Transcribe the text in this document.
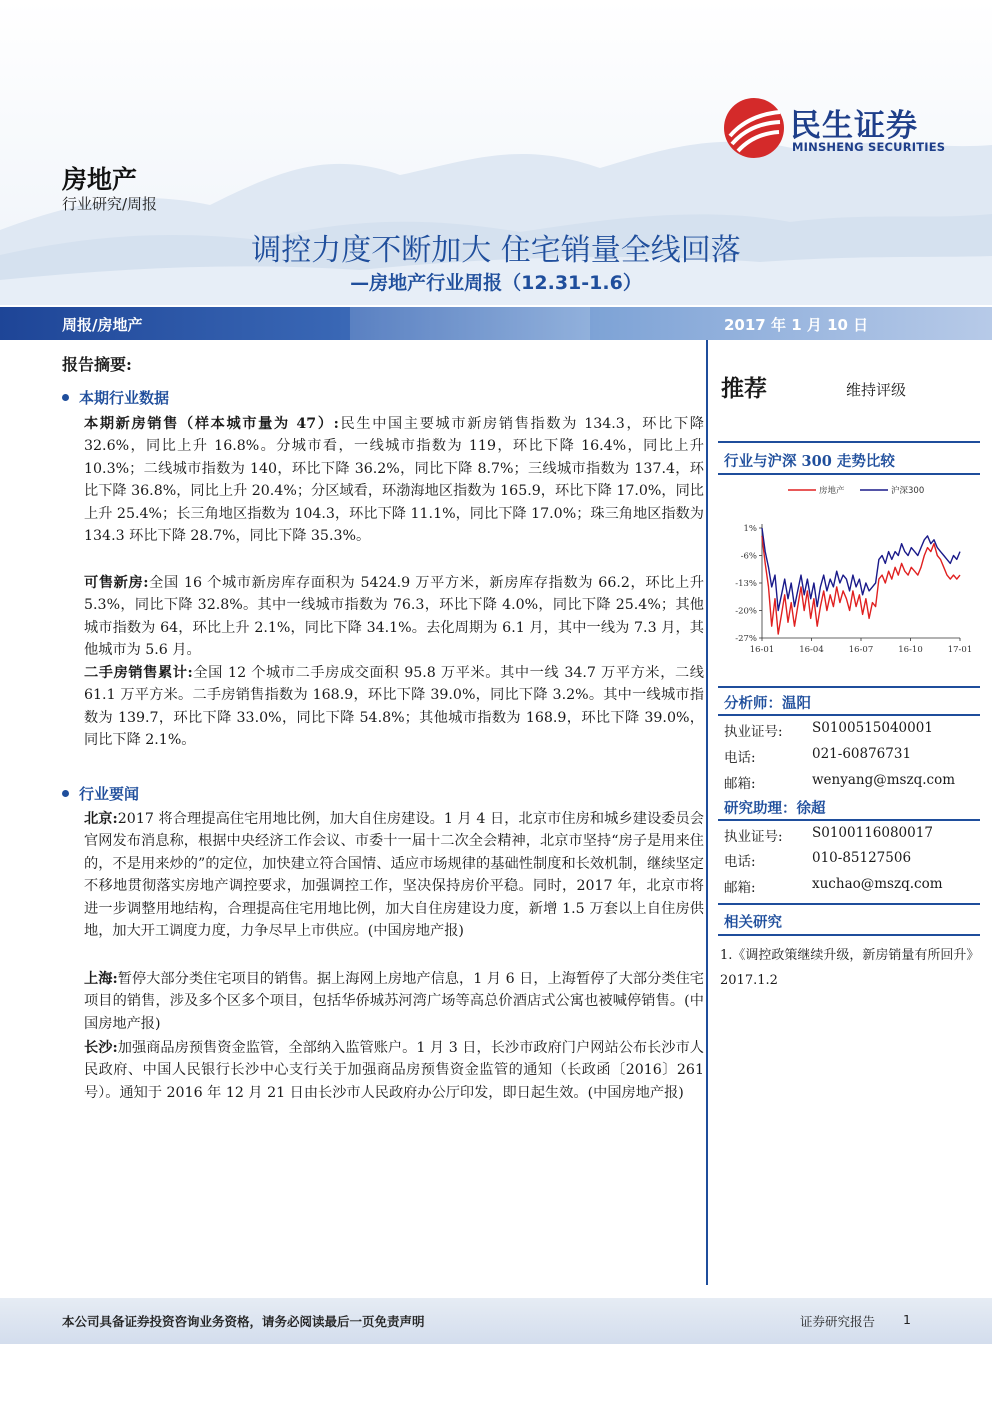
民生证券
MINSHENG SECURITIES
房地产
行业研究/周报
调控力度不断加大 住宅销量全线回落
—房地产行业周报（12.31-1.6）
周报/房地产	2017 年 1 月 10 日
报告摘要:
本期行业数据

本期新房销售（样本城市量为 47）:民生中国主要城市新房销售指数为 134.3，环比下降 32.6%，同比上升 16.8%。分城市看，一线城市指数为 119，环比下降 16.4%，同比上升 10.3%；二线城市指数为 140，环比下降 36.2%，同比下降 8.7%；三线城市指数为 137.4，环比下降 36.8%，同比上升 20.4%；分区域看，环渤海地区指数为 165.9，环比下降 17.0%，同比上升 25.4%；长三角地区指数为 104.3，环比下降 11.1%，同比下降 17.0%；珠三角地区指数为 134.3 环比下降 28.7%，同比下降 35.3%。

可售新房:全国 16 个城市新房库存面积为 5424.9 万平方米，新房库存指数为 66.2，环比上升 5.3%，同比下降 32.8%。其中一线城市指数为 76.3，环比下降 4.0%，同比下降 25.4%；其他城市指数为 64，环比上升 2.1%，同比下降 34.1%。去化周期为 6.1 月，其中一线为 7.3 月，其他城市为 5.6 月。

二手房销售累计:全国 12 个城市二手房成交面积 95.8 万平米。其中一线 34.7 万平方米，二线 61.1 万平方米。二手房销售指数为 168.9，环比下降 39.0%，同比下降 3.2%。其中一线城市指数为 139.7，环比下降 33.0%，同比下降 54.8%；其他城市指数为 168.9，环比下降 39.0%，同比下降 2.1%。

行业要闻

北京:2017 将合理提高住宅用地比例，加大自住房建设。1 月 4 日，北京市住房和城乡建设委员会官网发布消息称，根据中央经济工作会议、市委十一届十二次全会精神，北京市坚持“房子是用来住的，不是用来炒的”的定位，加快建立符合国情、适应市场规律的基础性制度和长效机制，继续坚定不移地贯彻落实房地产调控要求，加强调控工作，坚决保持房价平稳。同时，2017 年，北京市将进一步调整用地结构，合理提高住宅用地比例，加大自住房建设力度，新增 1.5 万套以上自住房供地，加大开工调度力度，力争尽早上市供应。(中国房地产报)

上海:暂停大部分类住宅项目的销售。据上海网上房地产信息，1 月 6 日，上海暂停了大部分类住宅项目的销售，涉及多个区多个项目，包括华侨城苏河湾广场等高总价酒店式公寓也被喊停销售。(中国房地产报)

长沙:加强商品房预售资金监管，全部纳入监管账户。1 月 3 日，长沙市政府门户网站公布长沙市人民政府、中国人民银行长沙中心支行关于加强商品房预售资金监管的通知（长政函〔2016〕261 号）。通知于 2016 年 12 月 21 日由长沙市人民政府办公厅印发，即日起生效。(中国房地产报)

推荐	维持评级
行业与沪深 300 走势比较
房地产	沪深300
1%
-6%
-13%
-20%
-27%
16-01	16-04	16-07	16-10	17-01
分析师：温阳
执业证号: S0100515040001
电话:	021-60876731
邮箱:	wenyang@mszq.com
研究助理：徐超
执业证号: S0100116080017
电话:	010-85127506
邮箱:	xuchao@mszq.com
相关研究

1.《调控政策继续升级，新房销量有所回升》2017.1.2

本公司具备证券投资咨询业务资格，请务必阅读最后一页免责声明	证券研究报告 1
